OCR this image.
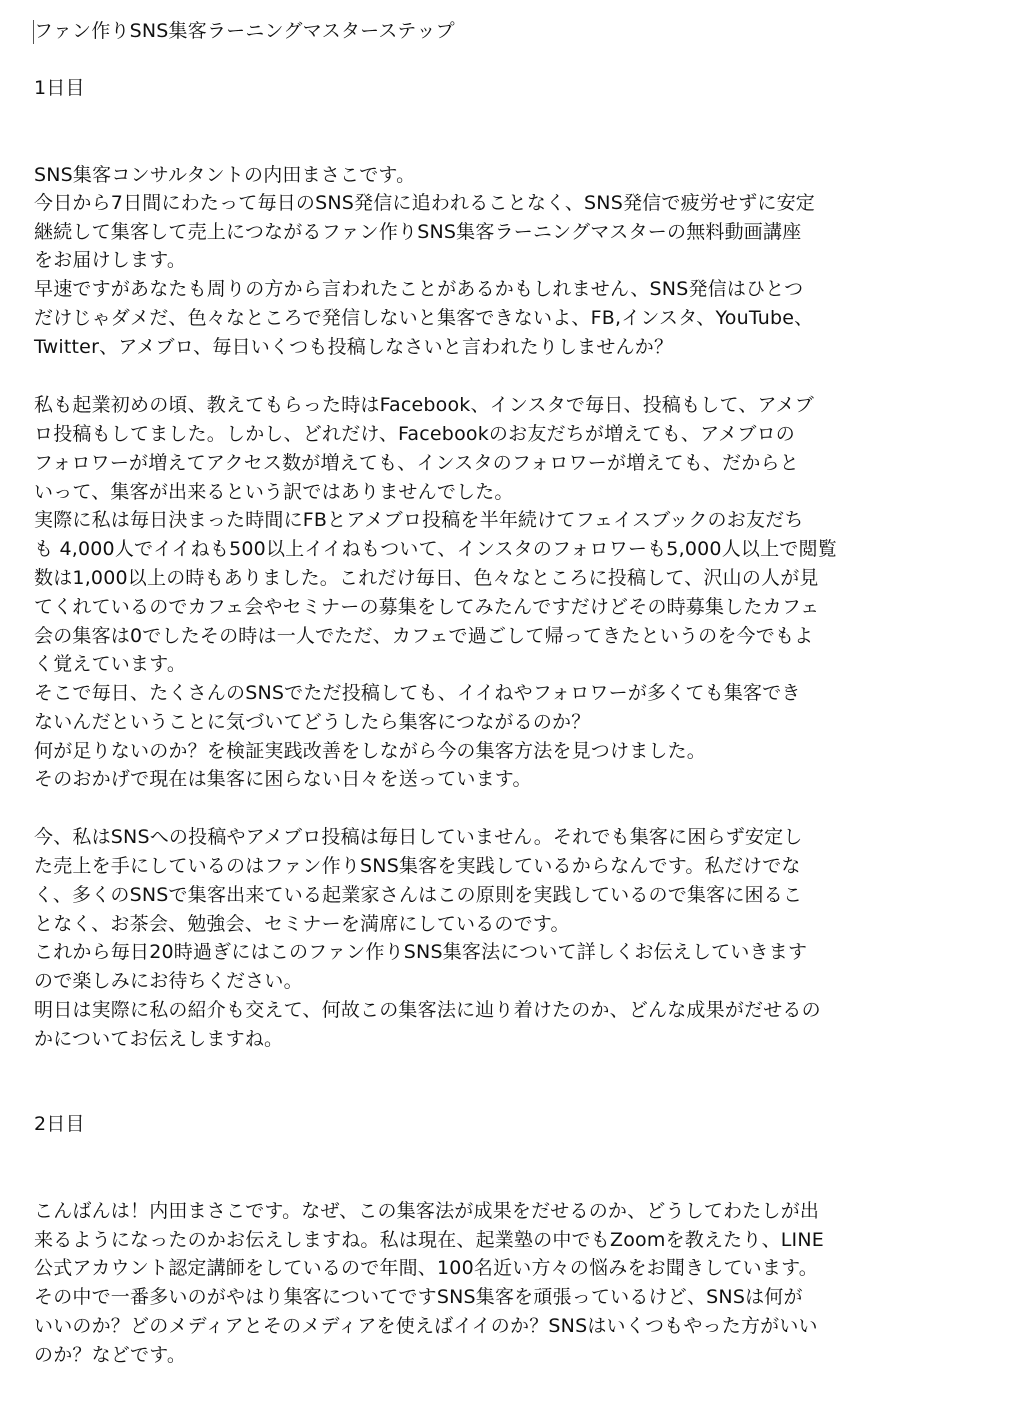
ファン作りSNS集客ラーニングマスターステップ
1日目
SNS集客コンサルタントの内田まさこです。
今日から7日間にわたって毎日のSNS発信に追われることなく、SNS発信で疲労せずに安定
継続して集客して売上につながるファン作りSNS集客ラーニングマスターの無料動画講座
をお届けします。
早速ですがあなたも周りの方から言われたことがあるかもしれません、SNS発信はひとつ
だけじゃダメだ、色々なところで発信しないと集客できないよ、FB,インスタ、YouTube、
Twitter、アメブロ、毎日いくつも投稿しなさいと言われたりしませんか？
私も起業初めの頃、教えてもらった時はFacebook、インスタで毎日、投稿もして、アメブ
ロ投稿もしてました。しかし、どれだけ、Facebookのお友だちが増えても、アメブロの
フォロワーが増えてアクセス数が増えても、インスタのフォロワーが増えても、だからと
いって、集客が出来るという訳ではありませんでした。
実際に私は毎日決まった時間にFBとアメブロ投稿を半年続けてフェイスブックのお友だち
も 4,000人でイイねも500以上イイねもついて、インスタのフォロワーも5,000人以上で閲覧
数は1,000以上の時もありました。これだけ毎日、色々なところに投稿して、沢山の人が見
てくれているのでカフェ会やセミナーの募集をしてみたんですだけどその時募集したカフェ
会の集客は0でしたその時は一人でただ、カフェで過ごして帰ってきたというのを今でもよ
く覚えています。
そこで毎日、たくさんのSNSでただ投稿しても、イイねやフォロワーが多くても集客でき
ないんだということに気づいてどうしたら集客につながるのか？
何が足りないのか？を検証実践改善をしながら今の集客方法を見つけました。
そのおかげで現在は集客に困らない日々を送っています。
今、私はSNSへの投稿やアメブロ投稿は毎日していません。それでも集客に困らず安定し
た売上を手にしているのはファン作りSNS集客を実践しているからなんです。私だけでな
く、多くのSNSで集客出来ている起業家さんはこの原則を実践しているので集客に困るこ
となく、お茶会、勉強会、セミナーを満席にしているのです。
これから毎日20時過ぎにはこのファン作りSNS集客法について詳しくお伝えしていきます
ので楽しみにお待ちください。
明日は実際に私の紹介も交えて、何故この集客法に辿り着けたのか、どんな成果がだせるの
かについてお伝えしますね。
2日目
こんばんは！内田まさこです。なぜ、この集客法が成果をだせるのか、どうしてわたしが出
来るようになったのかお伝えしますね。私は現在、起業塾の中でもZoomを教えたり、LINE
公式アカウント認定講師をしているので年間、100名近い方々の悩みをお聞きしています。
その中で一番多いのがやはり集客についてですSNS集客を頑張っているけど、SNSは何が
いいのか？どのメディアとそのメディアを使えばイイのか？SNSはいくつもやった方がいい
のか？などです。
